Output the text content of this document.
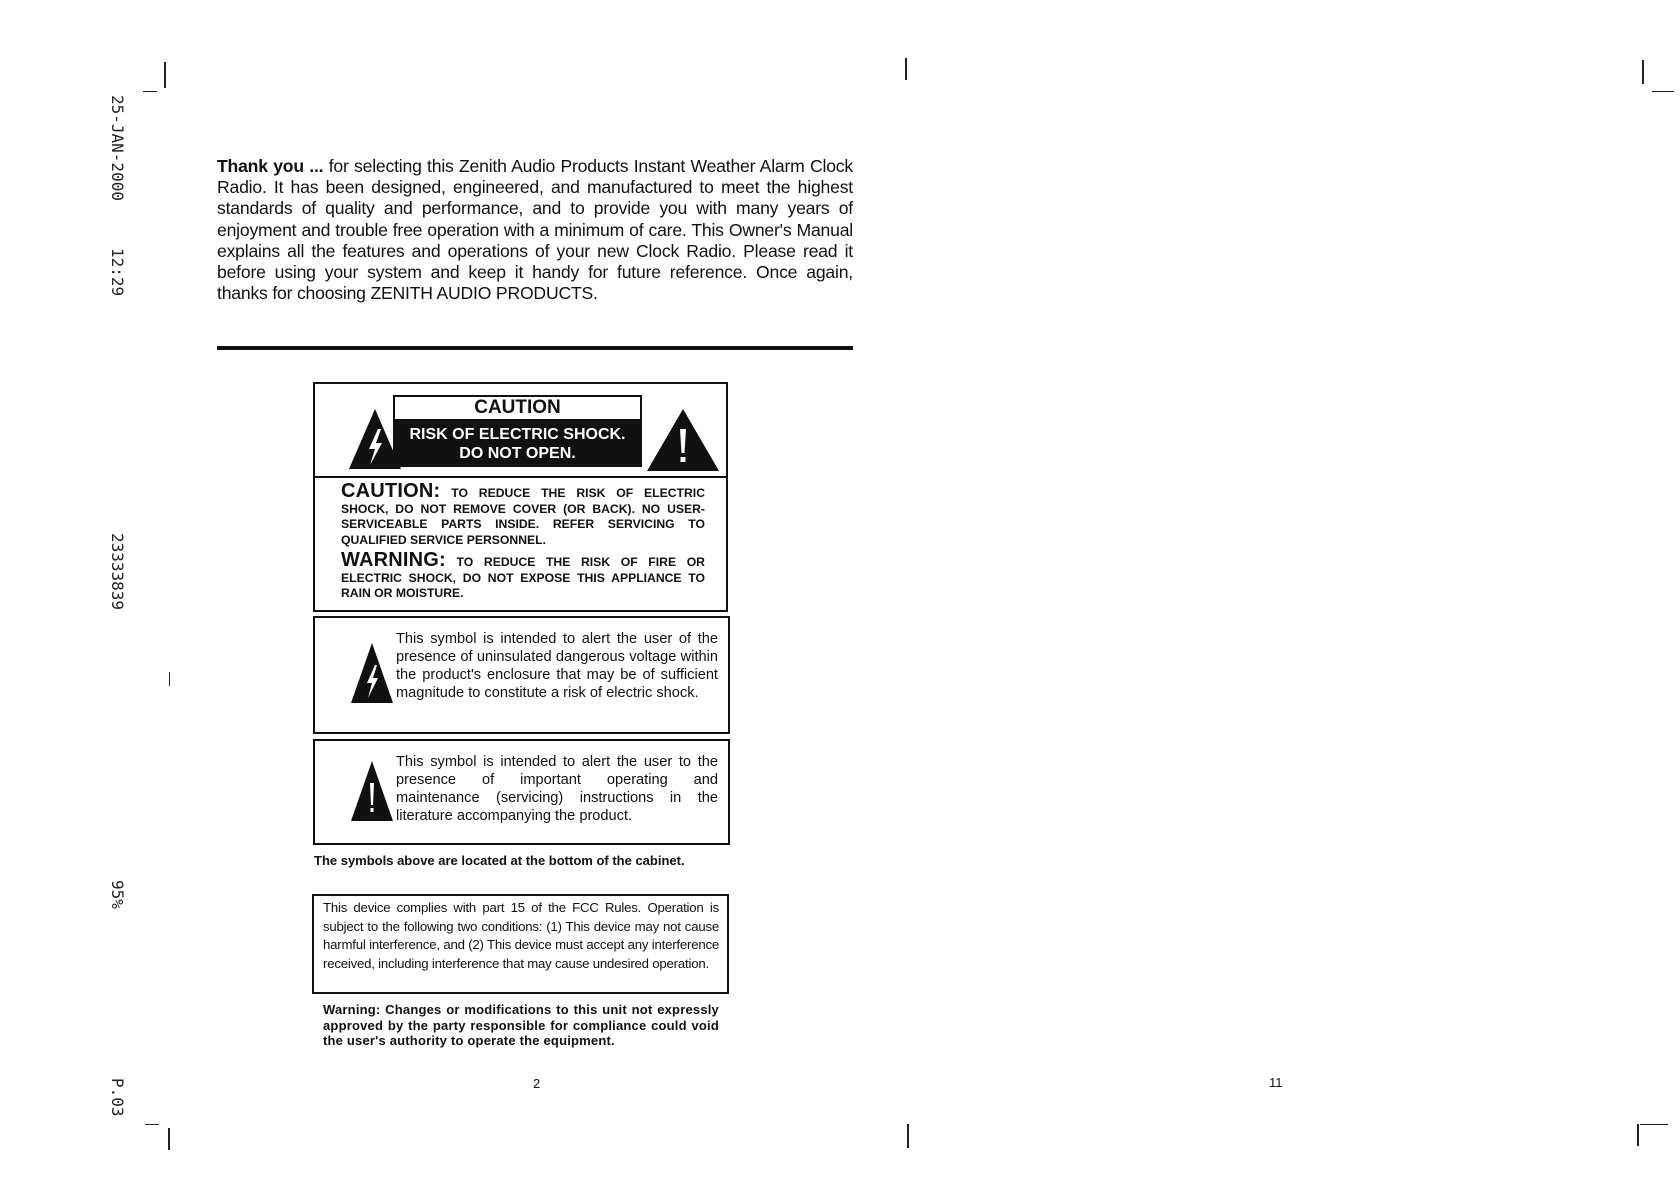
25-JAN-2000
12:29
23333839
95%
P.03
Thank you ... for selecting this Zenith Audio Products Instant Weather Alarm Clock Radio. It has been designed, engineered, and manufactured to meet the highest standards of quality and performance, and to provide you with many years of enjoyment and trouble free operation with a minimum of care. This Owner's Manual explains all the features and operations of your new Clock Radio. Please read it before using your system and keep it handy for future reference. Once again, thanks for choosing ZENITH AUDIO PRODUCTS.
CAUTION
RISK OF ELECTRIC SHOCK.
DO NOT OPEN.
CAUTION: TO REDUCE THE RISK OF ELECTRIC SHOCK, DO NOT REMOVE COVER (OR BACK). NO USER-SERVICEABLE PARTS INSIDE. REFER SERVICING TO QUALIFIED SERVICE PERSONNEL.
WARNING: TO REDUCE THE RISK OF FIRE OR ELECTRIC SHOCK, DO NOT EXPOSE THIS APPLIANCE TO RAIN OR MOISTURE.
This symbol is intended to alert the user of the presence of uninsulated dangerous voltage within the product's enclosure that may be of sufficient magnitude to constitute a risk of electric shock.
This symbol is intended to alert the user to the presence of important operating and maintenance (servicing) instructions in the literature accompanying the product.
The symbols above are located at the bottom of the cabinet.
This device complies with part 15 of the FCC Rules. Operation is subject to the following two conditions: (1) This device may not cause harmful interference, and (2) This device must accept any interference received, including interference that may cause undesired operation.
Warning: Changes or modifications to this unit not expressly approved by the party responsible for compliance could void the user's authority to operate the equipment.
2	11
